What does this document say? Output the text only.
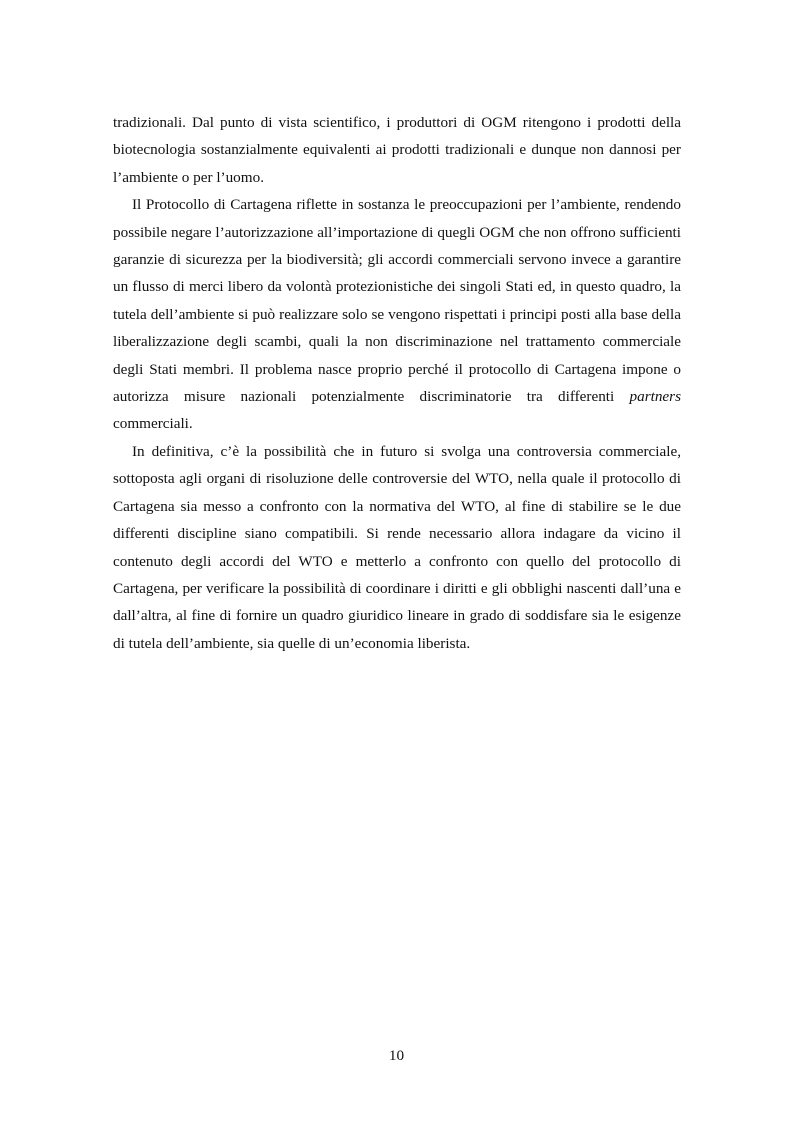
tradizionali. Dal punto di vista scientifico, i produttori di OGM ritengono i prodotti della biotecnologia sostanzialmente equivalenti ai prodotti tradizionali e dunque non dannosi per l’ambiente o per l’uomo.

Il Protocollo di Cartagena riflette in sostanza le preoccupazioni per l’ambiente, rendendo possibile negare l’autorizzazione all’importazione di quegli OGM che non offrono sufficienti garanzie di sicurezza per la biodiversità; gli accordi commerciali servono invece a garantire un flusso di merci libero da volontà protezionistiche dei singoli Stati ed, in questo quadro, la tutela dell’ambiente si può realizzare solo se vengono rispettati i principi posti alla base della liberalizzazione degli scambi, quali la non discriminazione nel trattamento commerciale degli Stati membri. Il problema nasce proprio perché il protocollo di Cartagena impone o autorizza misure nazionali potenzialmente discriminatorie tra differenti partners commerciali.

In definitiva, c’è la possibilità che in futuro si svolga una controversia commerciale, sottoposta agli organi di risoluzione delle controversie del WTO, nella quale il protocollo di Cartagena sia messo a confronto con la normativa del WTO, al fine di stabilire se le due differenti discipline siano compatibili. Si rende necessario allora indagare da vicino il contenuto degli accordi del WTO e metterlo a confronto con quello del protocollo di Cartagena, per verificare la possibilità di coordinare i diritti e gli obblighi nascenti dall’una e dall’altra, al fine di fornire un quadro giuridico lineare in grado di soddisfare sia le esigenze di tutela dell’ambiente, sia quelle di un’economia liberista.

10
